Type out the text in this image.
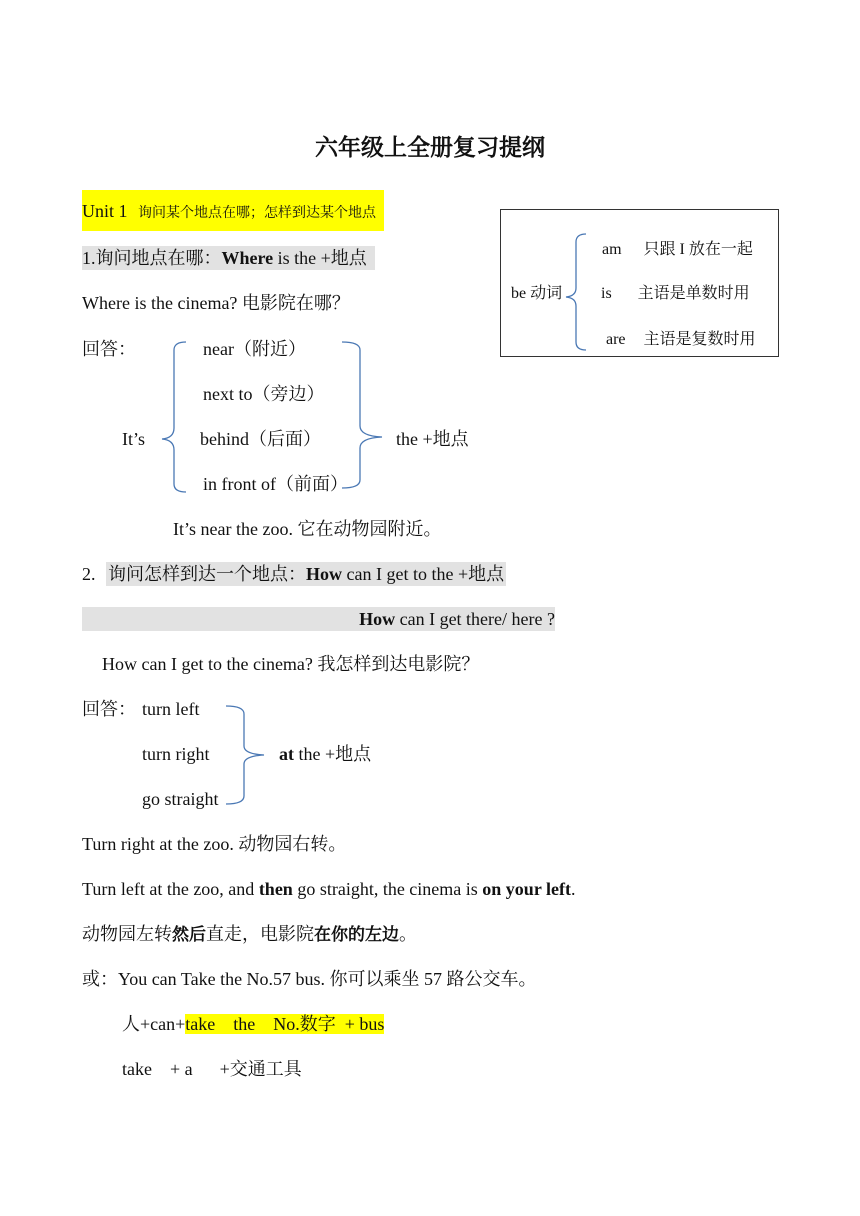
六年级上全册复习提纲
Unit 1 询问某个地点在哪；怎样到达某个地点
1.询问地点在哪：Where is the +地点
Where is the cinema? 电影院在哪？
回答：	near（附近）
next to（旁边）
It’s	behind（后面）
in front of（前面）
the +地点
It’s near the zoo. 它在动物园附近。
be 动词
am 只跟 I 放在一起
is 主语是单数时用
are 主语是复数时用
2. 询问怎样到达一个地点：How can I get to the +地点
How can I get there/ here ?
How can I get to the cinema? 我怎样到达电影院？
回答： turn left
turn right
go straight
at the +地点
Turn right at the zoo. 动物园右转。
Turn left at the zoo, and then go straight, the cinema is on your left.
动物园左转然后直走，电影院在你的左边。
或：You can Take the No.57 bus. 你可以乘坐 57 路公交车。
人+can+take    the    No.数字  + bus
take    + a      +交通工具
